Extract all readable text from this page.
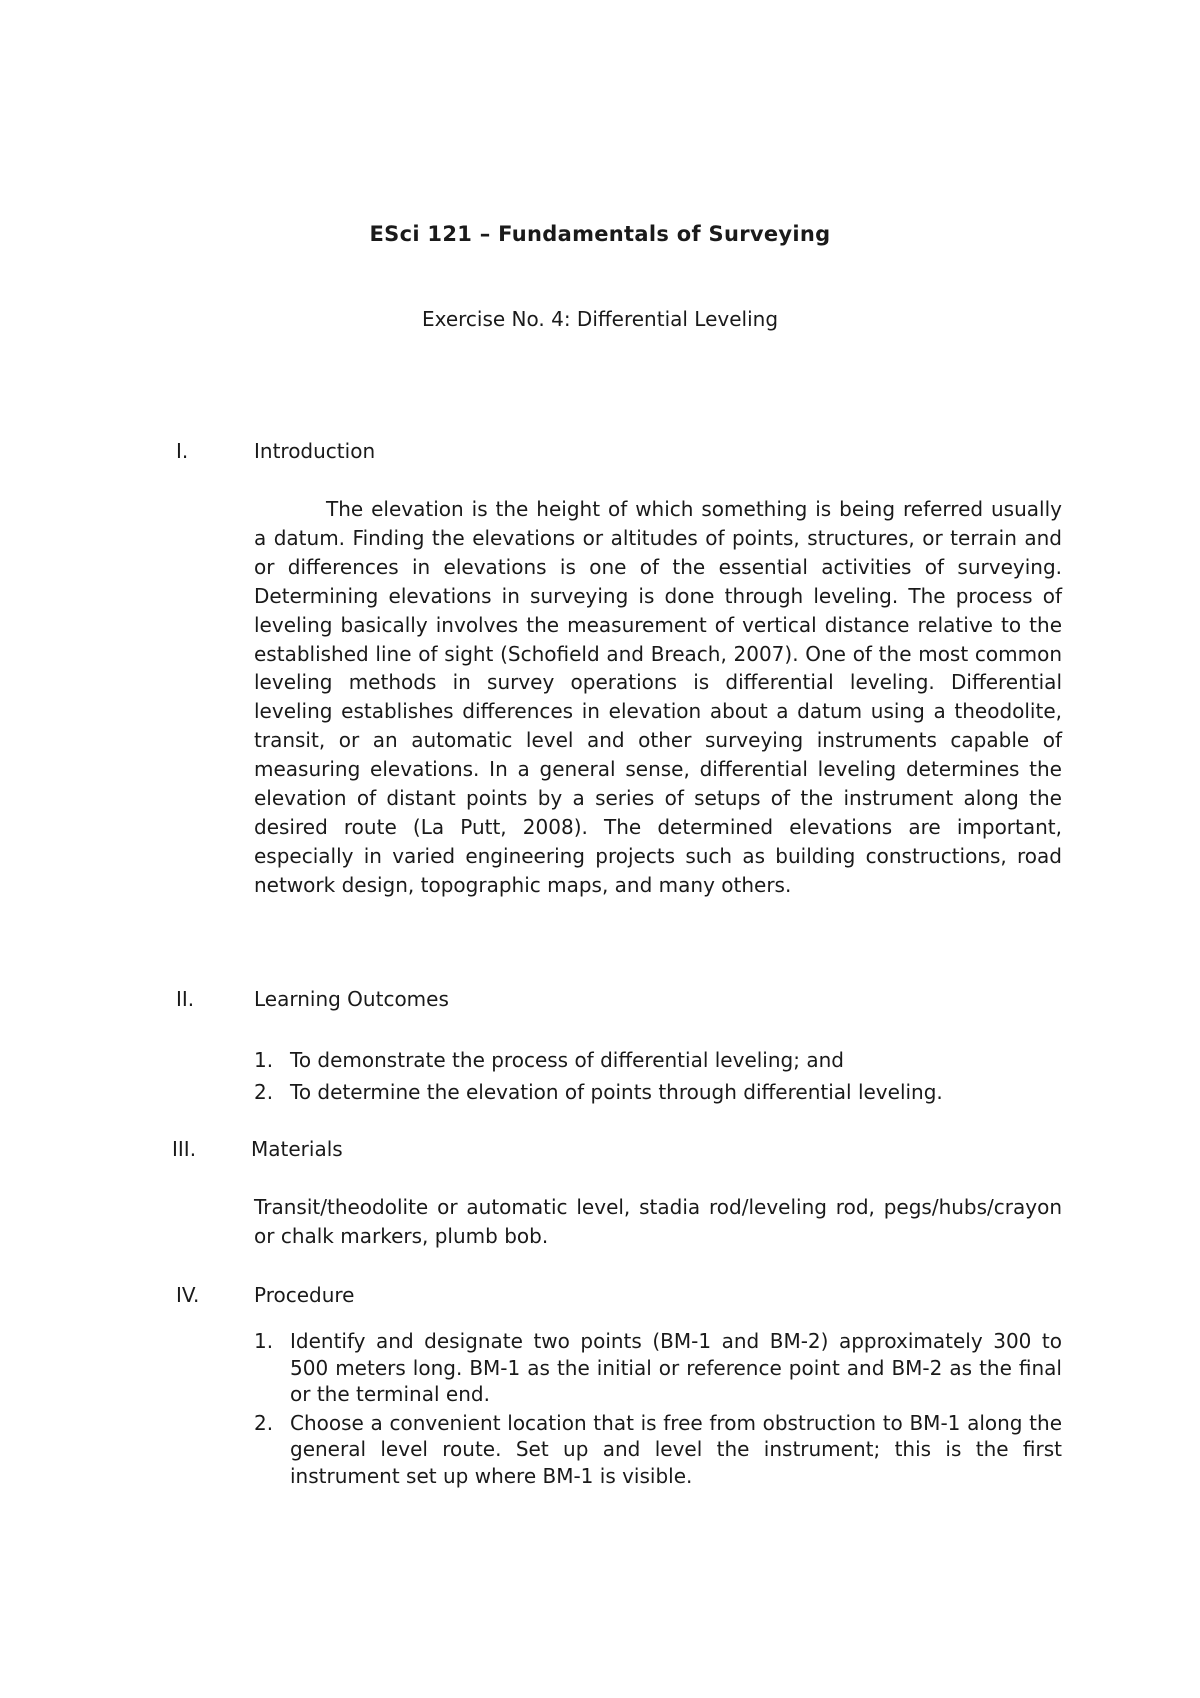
ESci 121 – Fundamentals of Surveying
Exercise No. 4: Differential Leveling
I.	Introduction

The elevation is the height of which something is being referred usually a datum. Finding the elevations or altitudes of points, structures, or terrain and or differences in elevations is one of the essential activities of surveying. Determining elevations in surveying is done through leveling. The process of leveling basically involves the measurement of vertical distance relative to the established line of sight (Schofield and Breach, 2007). One of the most common leveling methods in survey operations is differential leveling. Differential leveling establishes differences in elevation about a datum using a theodolite, transit, or an automatic level and other surveying instruments capable of measuring elevations. In a general sense, differential leveling determines the elevation of distant points by a series of setups of the instrument along the desired route (La Putt, 2008). The determined elevations are important, especially in varied engineering projects such as building constructions, road network design, topographic maps, and many others.

II.	Learning Outcomes
1. To demonstrate the process of differential leveling; and
2. To determine the elevation of points through differential leveling.
III.	Materials

Transit/theodolite or automatic level, stadia rod/leveling rod, pegs/hubs/crayon or chalk markers, plumb bob.

IV.	Procedure
1. Identify and designate two points (BM-1 and BM-2) approximately 300 to 500 meters long. BM-1 as the initial or reference point and BM-2 as the final or the terminal end.
2. Choose a convenient location that is free from obstruction to BM-1 along the general level route. Set up and level the instrument; this is the first instrument set up where BM-1 is visible.
